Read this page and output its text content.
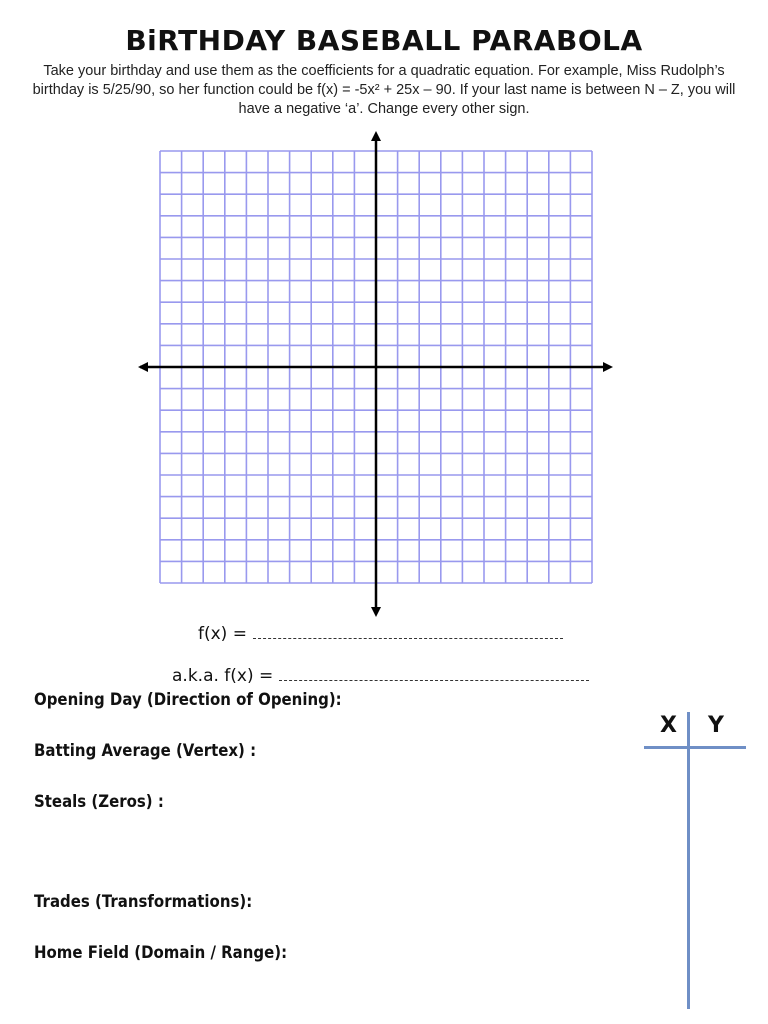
BiRTHDAY BASEBALL PARABOLA
Take your birthday and use them as the coefficients for a quadratic equation. For example, Miss Rudolph’s birthday is 5/25/90, so her function could be f(x) = -5x² + 25x – 90. If your last name is between N – Z, you will have a negative ‘a’. Change every other sign.
f(x) =
a.k.a. f(x) =
Opening Day (Direction of Opening):
Batting Average (Vertex) :
Steals (Zeros) :
Trades (Transformations):
Home Field (Domain / Range):
X Y
